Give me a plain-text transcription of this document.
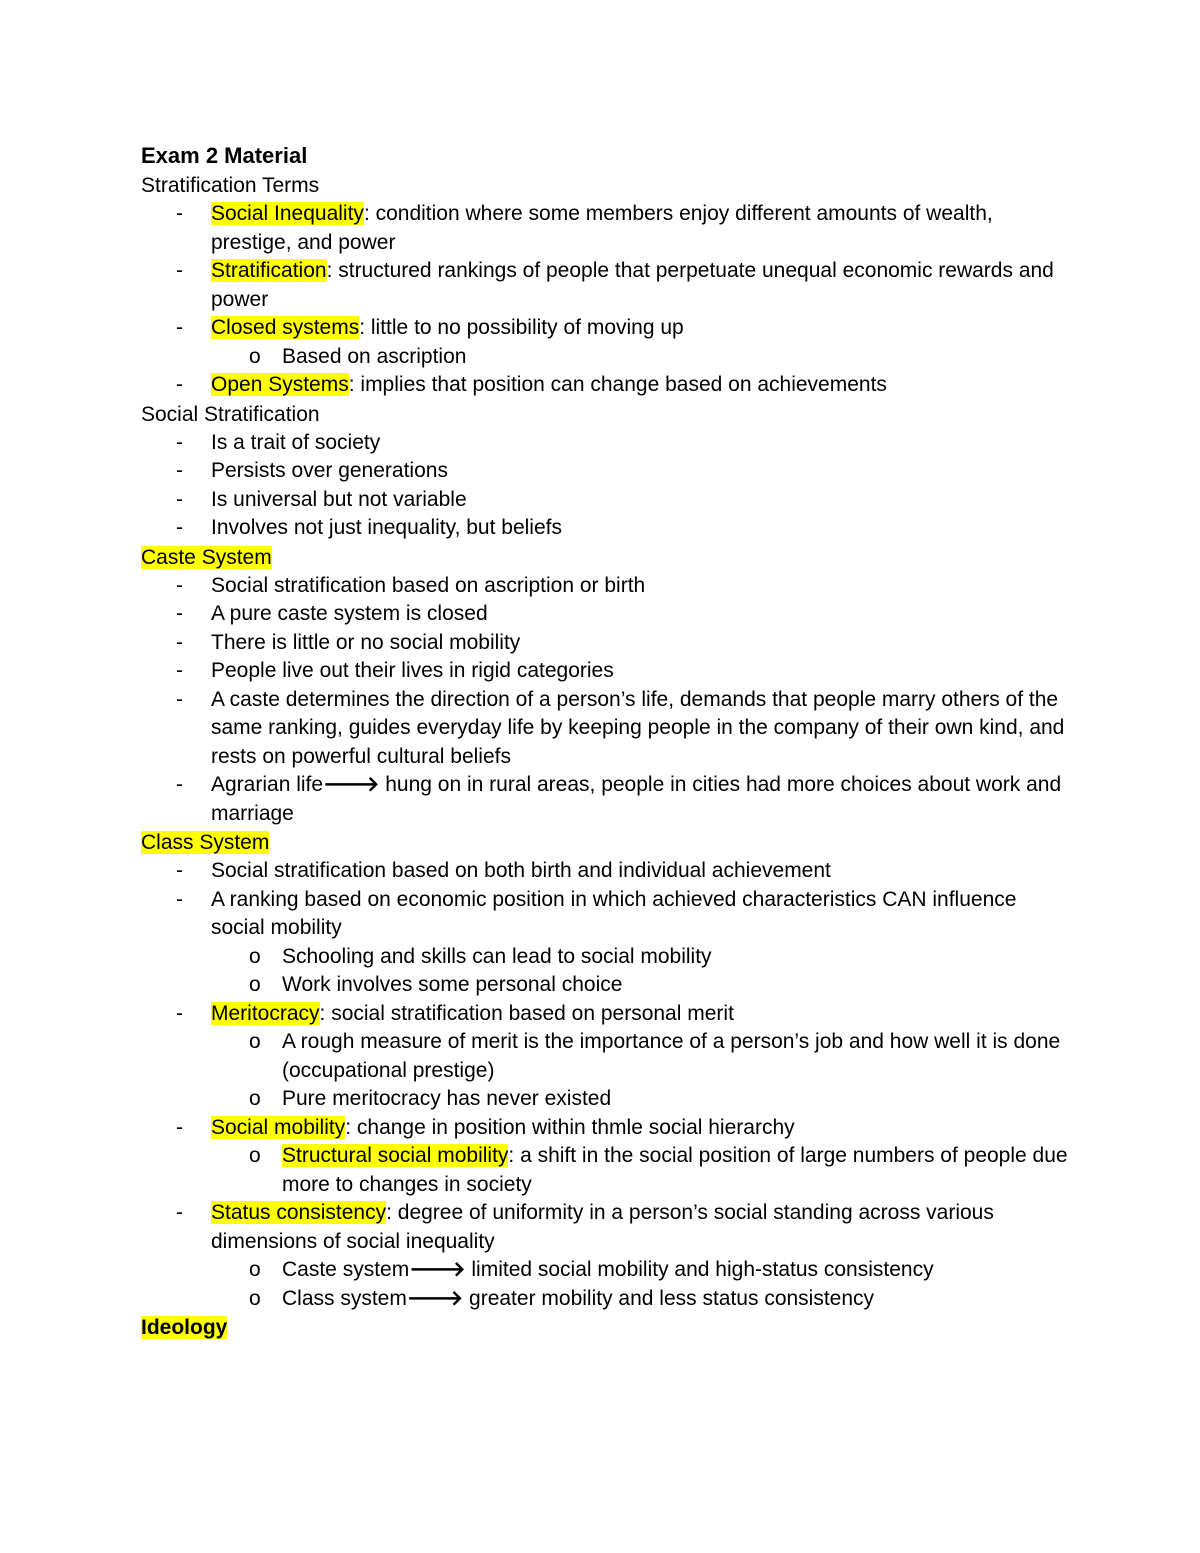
Exam 2 Material
Stratification Terms
- Social Inequality: condition where some members enjoy different amounts of wealth, prestige, and power
- Stratification: structured rankings of people that perpetuate unequal economic rewards and power
- Closed systems: little to no possibility of moving up
o Based on ascription
- Open Systems: implies that position can change based on achievements
Social Stratification
- Is a trait of society
- Persists over generations
- Is universal but not variable
- Involves not just inequality, but beliefs
Caste System
- Social stratification based on ascription or birth
- A pure caste system is closed
- There is little or no social mobility
- People live out their lives in rigid categories
- A caste determines the direction of a person’s life, demands that people marry others of the same ranking, guides everyday life by keeping people in the company of their own kind, and rests on powerful cultural beliefs
- Agrarian life🡒 hung on in rural areas, people in cities had more choices about work and marriage
Class System
- Social stratification based on both birth and individual achievement
- A ranking based on economic position in which achieved characteristics CAN influence social mobility
o Schooling and skills can lead to social mobility
o Work involves some personal choice
- Meritocracy: social stratification based on personal merit
o A rough measure of merit is the importance of a person’s job and how well it is done (occupational prestige)
o Pure meritocracy has never existed
- Social mobility: change in position within thmle social hierarchy
o Structural social mobility: a shift in the social position of large numbers of people due more to changes in society
- Status consistency: degree of uniformity in a person’s social standing across various dimensions of social inequality
o Caste system🡒 limited social mobility and high-status consistency
o Class system🡒 greater mobility and less status consistency
Ideology
